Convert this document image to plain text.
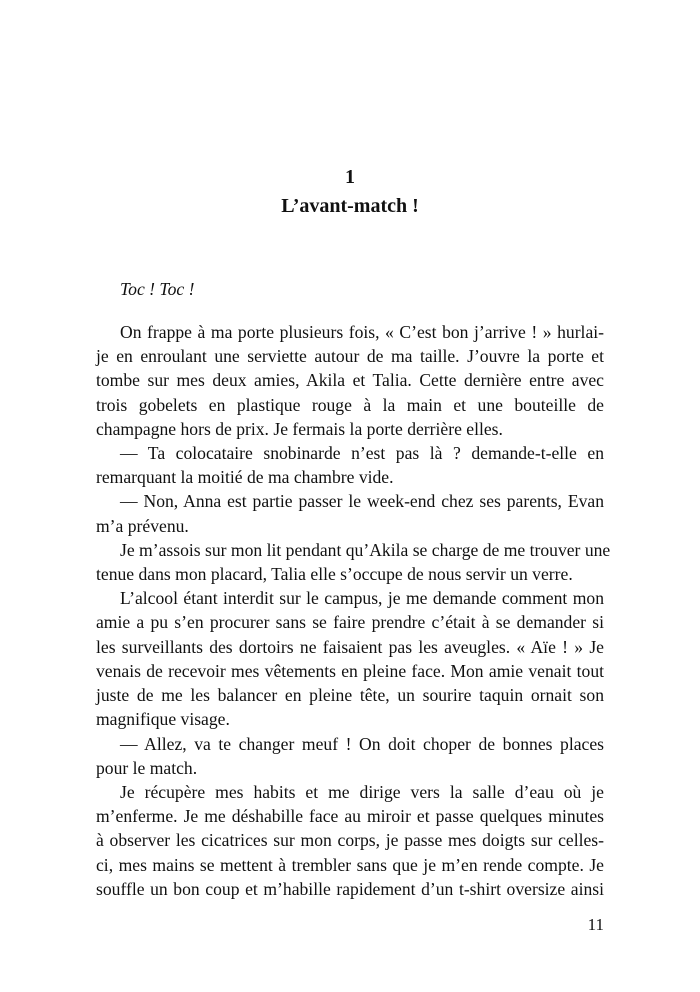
1
L’avant-match !
Toc ! Toc !
On frappe à ma porte plusieurs fois, « C’est bon j’arrive ! » hurlai-
je en enroulant une serviette autour de ma taille. J’ouvre la porte et
tombe sur mes deux amies, Akila et Talia. Cette dernière entre avec
trois gobelets en plastique rouge à la main et une bouteille de
champagne hors de prix. Je fermais la porte derrière elles.
— Ta colocataire snobinarde n’est pas là ? demande-t-elle en
remarquant la moitié de ma chambre vide.
— Non, Anna est partie passer le week-end chez ses parents, Evan
m’a prévenu.
Je m’assois sur mon lit pendant qu’Akila se charge de me trouver une
tenue dans mon placard, Talia elle s’occupe de nous servir un verre.
L’alcool étant interdit sur le campus, je me demande comment mon
amie a pu s’en procurer sans se faire prendre c’était à se demander si
les surveillants des dortoirs ne faisaient pas les aveugles. « Aïe ! » Je
venais de recevoir mes vêtements en pleine face. Mon amie venait tout
juste de me les balancer en pleine tête, un sourire taquin ornait son
magnifique visage.
— Allez, va te changer meuf ! On doit choper de bonnes places
pour le match.
Je récupère mes habits et me dirige vers la salle d’eau où je
m’enferme. Je me déshabille face au miroir et passe quelques minutes
à observer les cicatrices sur mon corps, je passe mes doigts sur celles-
ci, mes mains se mettent à trembler sans que je m’en rende compte. Je
souffle un bon coup et m’habille rapidement d’un t-shirt oversize ainsi
11
